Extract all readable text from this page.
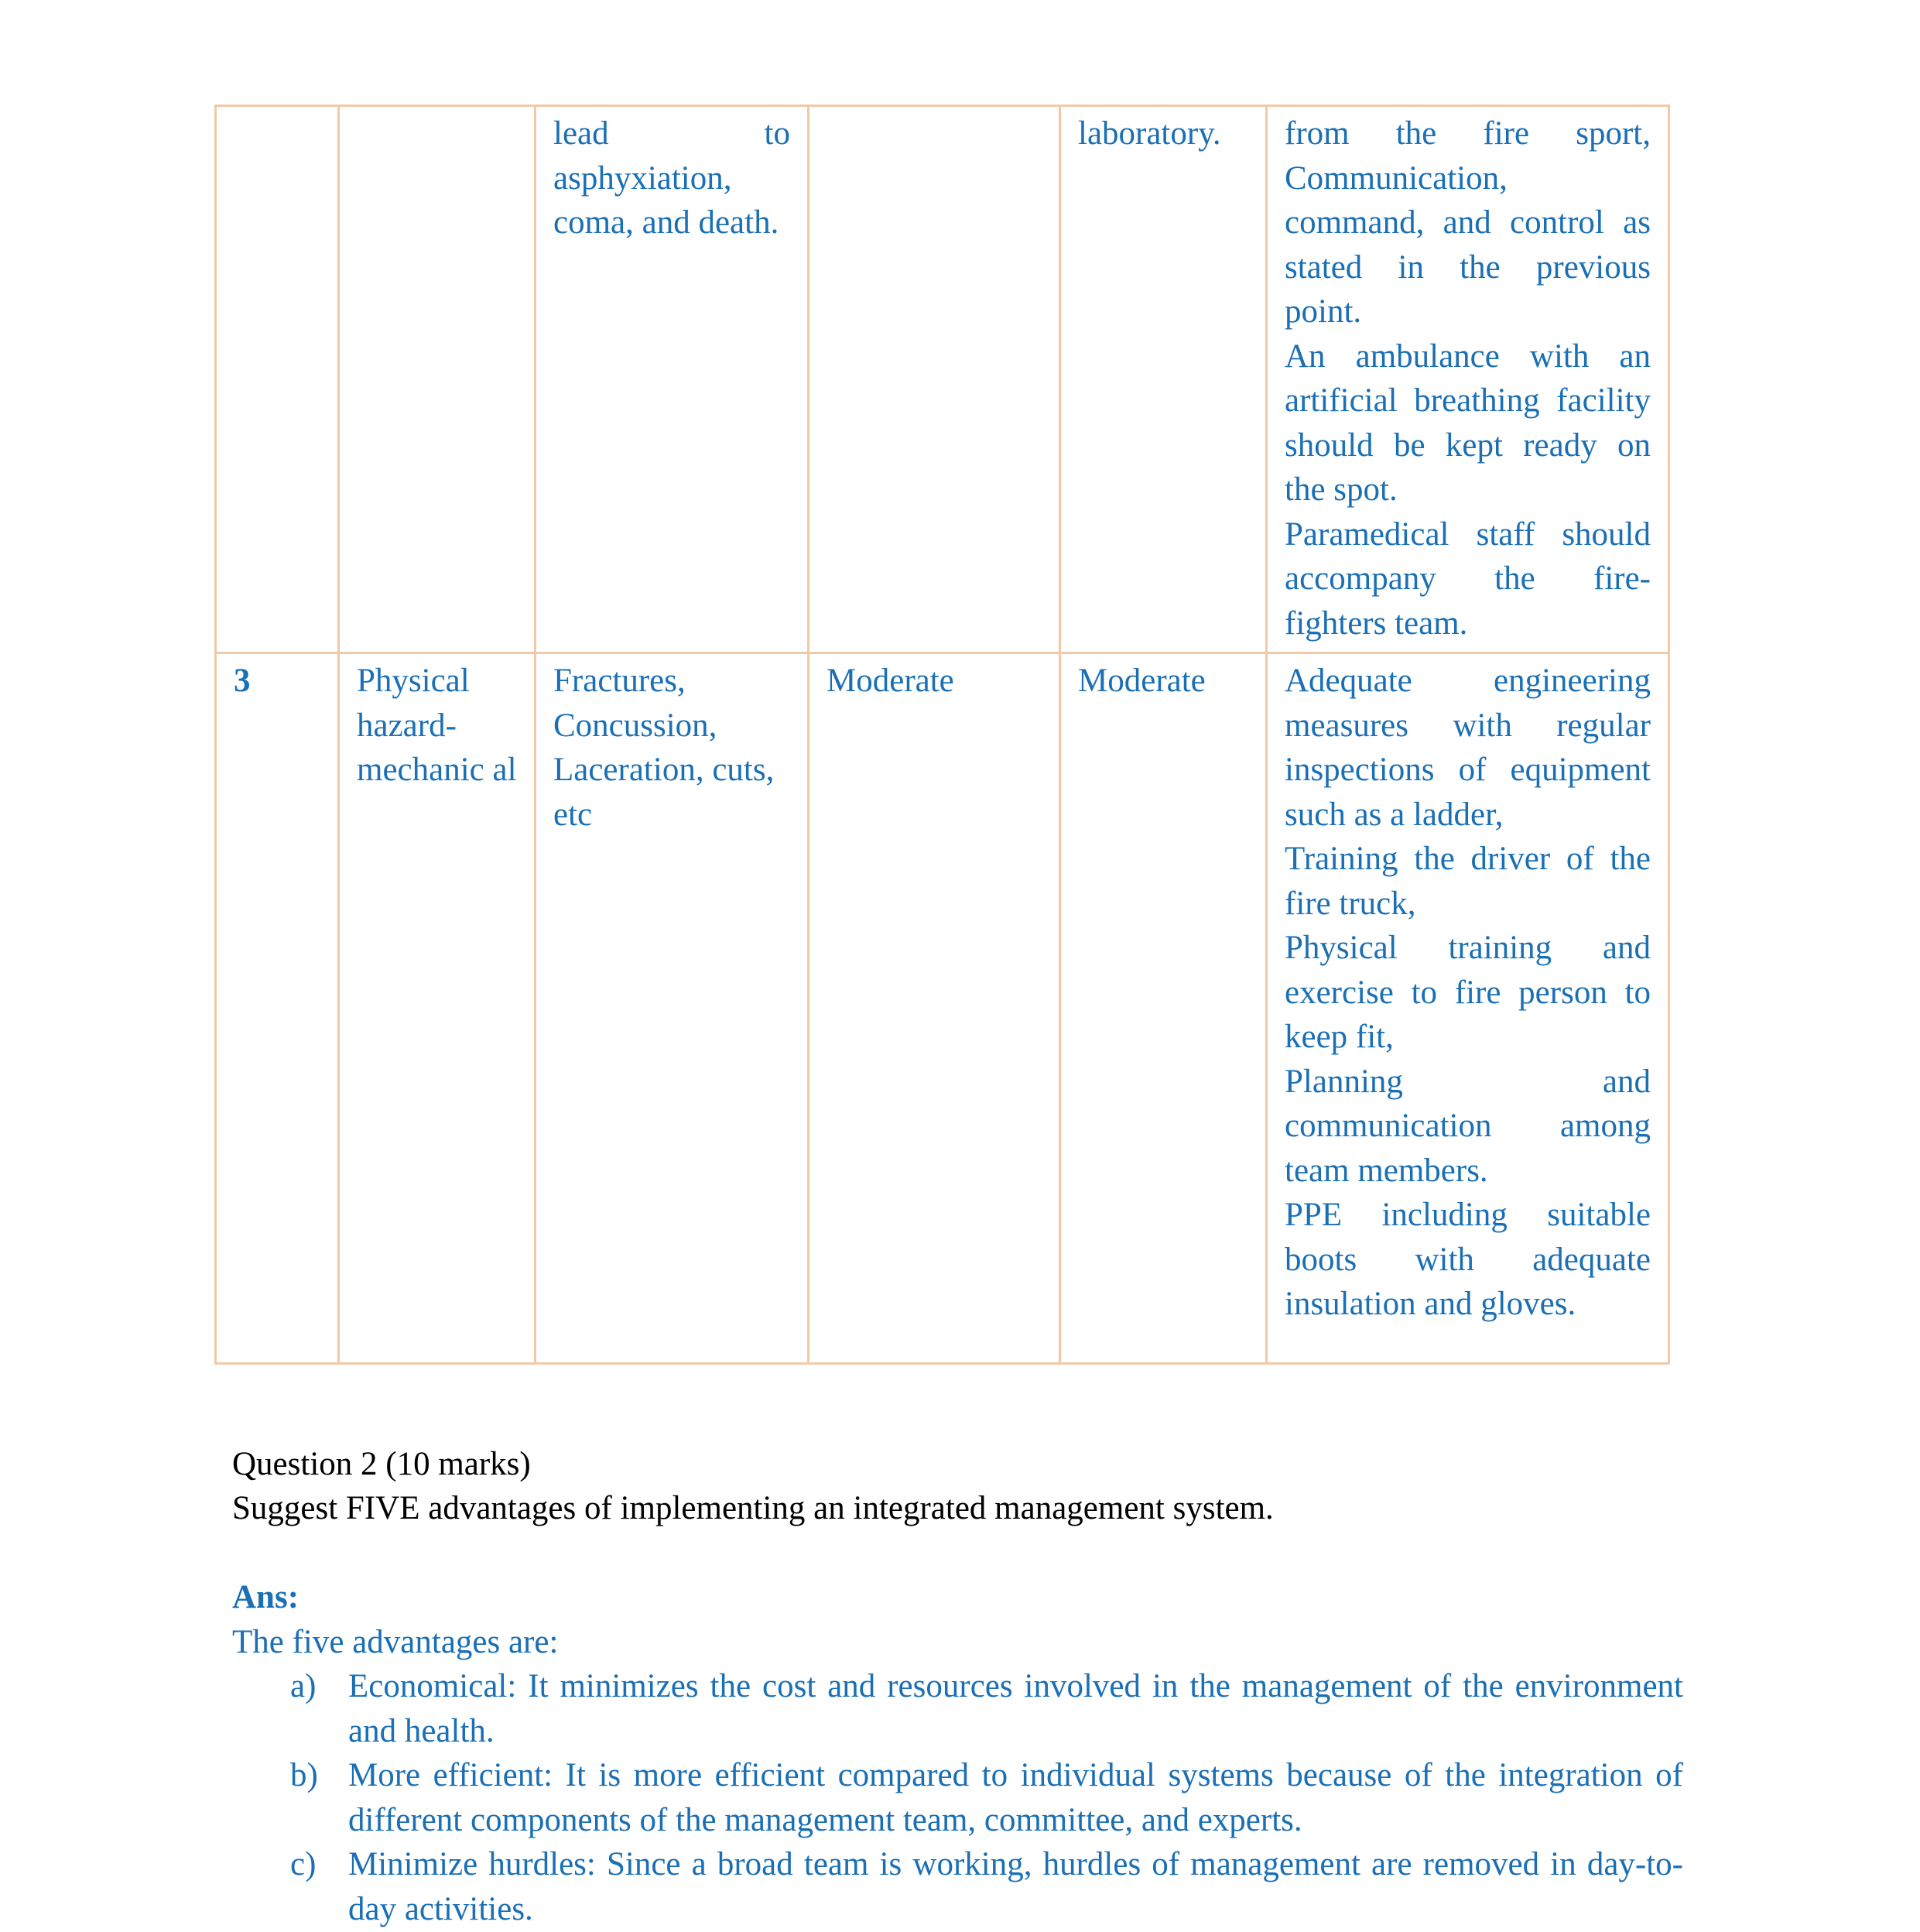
		lead to asphyxiation, coma, and death.		laboratory.	from the fire sport, Communication, command, and control as stated in the previous point.
An ambulance with an artificial breathing facility should be kept ready on the spot.
Paramedical staff should accompany the fire-fighters team.

3	Physical hazard-mechanic al	Fractures, Concussion, Laceration, cuts, etc	Moderate	Moderate	Adequate engineering measures with regular inspections of equipment such as a ladder,
Training the driver of the fire truck,
Physical training and exercise to fire person to keep fit,
Planning and communication among team members.
PPE including suitable boots with adequate insulation and gloves.
Question 2 (10 marks)
Suggest FIVE advantages of implementing an integrated management system.
Ans:
The five advantages are:
a) Economical: It minimizes the cost and resources involved in the management of the environment and health.
b) More efficient: It is more efficient compared to individual systems because of the integration of different components of the management team, committee, and experts.
c) Minimize hurdles: Since a broad team is working, hurdles of management are removed in day-to-day activities.
